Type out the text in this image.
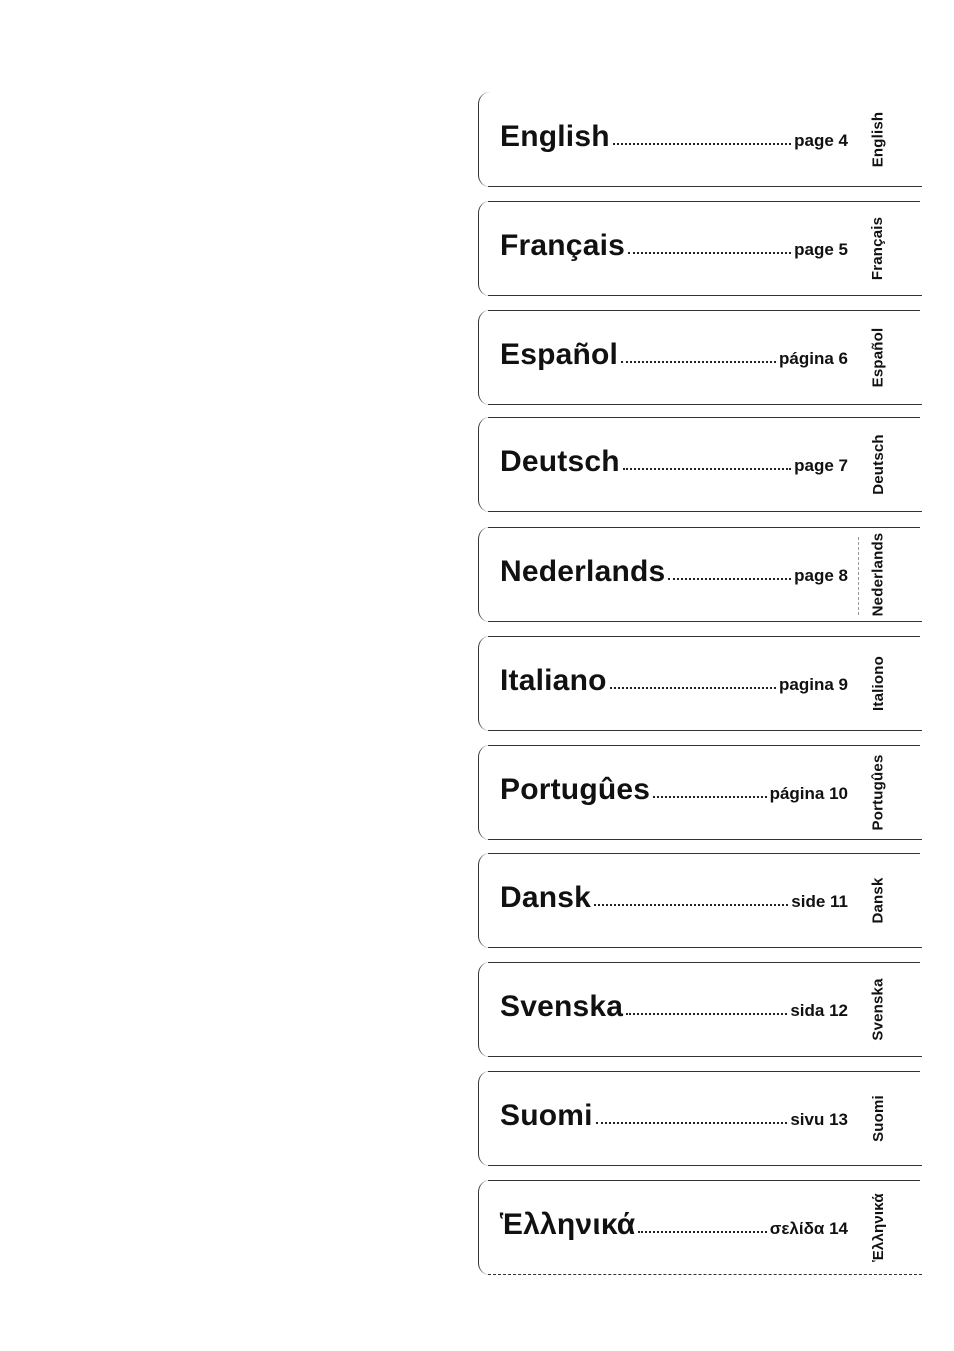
English	page 4 English
Français	page 5 Français
Español	página 6 Español
Deutsch	page 7 Deutsch
Nederlands	page 8 Nederlands
Italiano	pagina 9 Italiono
Portugûes	página 10 Portugûes
Dansk	side 11 Dansk
Svenska	sida 12 Svenska
Suomi	sivu 13 Suomi
Ἑλληνικά	σελίδα 14 Ἑλληνικά
